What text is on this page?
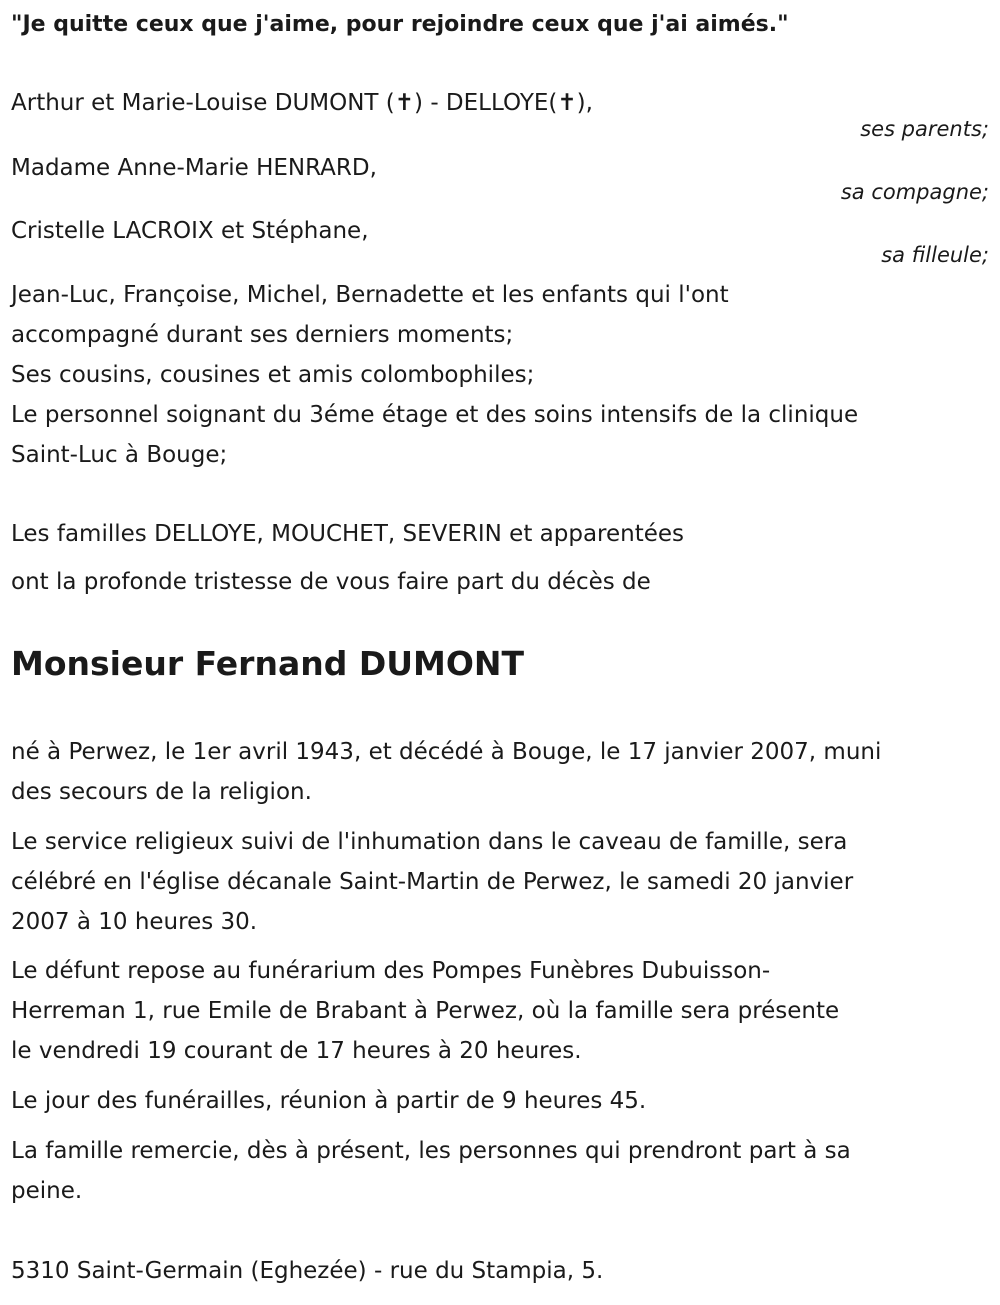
"Je quitte ceux que j'aime, pour rejoindre ceux que j'ai aimés."
Arthur et Marie-Louise DUMONT (✝) - DELLOYE(✝),
ses parents;
Madame Anne-Marie HENRARD,
sa compagne;
Cristelle LACROIX et Stéphane,
sa filleule;
Jean-Luc, Françoise, Michel, Bernadette et les enfants qui l'ont
accompagné durant ses derniers moments;
Ses cousins, cousines et amis colombophiles;
Le personnel soignant du 3éme étage et des soins intensifs de la clinique
Saint-Luc à Bouge;
Les familles DELLOYE, MOUCHET, SEVERIN et apparentées
ont la profonde tristesse de vous faire part du décès de
Monsieur Fernand DUMONT
né à Perwez, le 1er avril 1943, et décédé à Bouge, le 17 janvier 2007, muni
des secours de la religion.
Le service religieux suivi de l'inhumation dans le caveau de famille, sera
célébré en l'église décanale Saint-Martin de Perwez, le samedi 20 janvier
2007 à 10 heures 30.
Le défunt repose au funérarium des Pompes Funèbres Dubuisson-
Herreman 1, rue Emile de Brabant à Perwez, où la famille sera présente
le vendredi 19 courant de 17 heures à 20 heures.
Le jour des funérailles, réunion à partir de 9 heures 45.
La famille remercie, dès à présent, les personnes qui prendront part à sa
peine.
5310 Saint-Germain (Eghezée) - rue du Stampia, 5.
